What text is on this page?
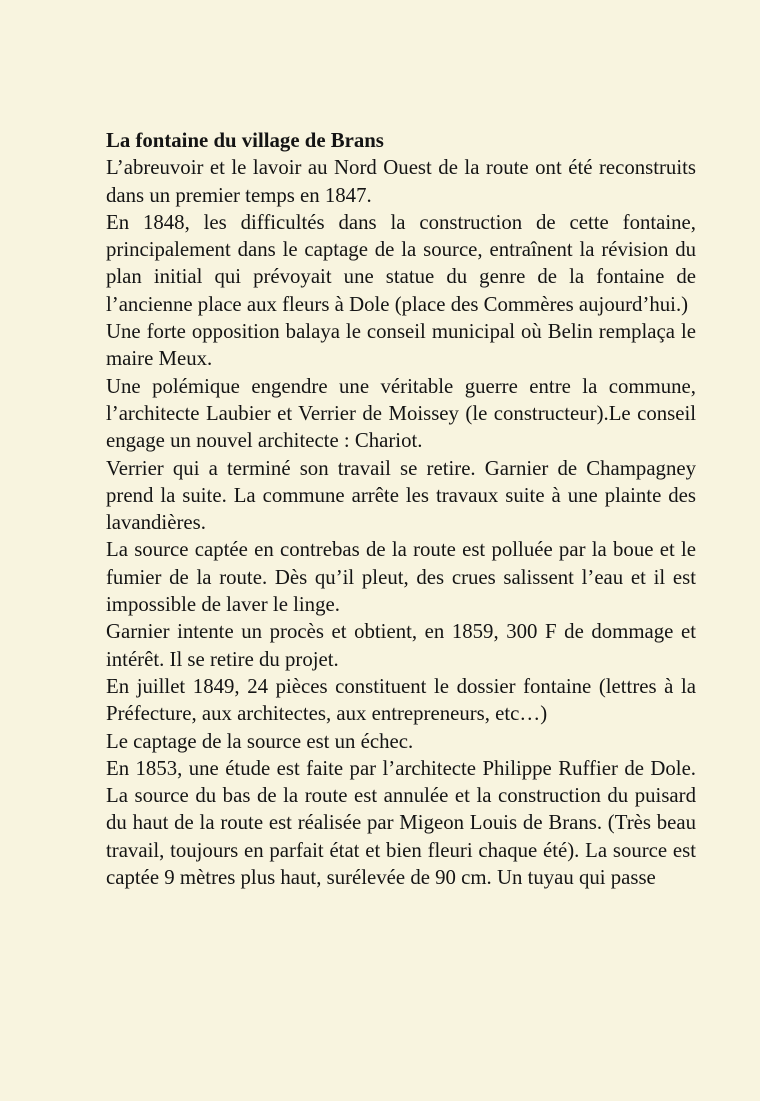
La fontaine du village de Brans

L’abreuvoir et le lavoir au Nord Ouest de la route ont été reconstruits dans un premier temps en 1847.

En 1848, les difficultés dans la construction de cette fontaine, principalement dans le captage de la source, entraînent la révision du plan initial qui prévoyait une statue du genre de la fontaine de l’ancienne place aux fleurs à Dole (place des Commères aujourd’hui.)

Une forte opposition balaya le conseil municipal où Belin remplaça le maire Meux.

Une polémique engendre une véritable guerre entre la commune, l’architecte Laubier et Verrier de Moissey (le constructeur).Le conseil engage un nouvel architecte : Chariot.

Verrier qui a terminé son travail se retire. Garnier de Champagney prend la suite. La commune arrête les travaux suite à une plainte des lavandières.

La source captée en contrebas de la route est polluée par la boue et le fumier de la route. Dès qu’il pleut, des crues salissent l’eau et il est impossible de laver le linge.

Garnier intente un procès et obtient, en 1859, 300 F de dommage et intérêt. Il se retire du projet.

En juillet 1849, 24 pièces constituent le dossier fontaine (lettres à la Préfecture, aux architectes, aux entrepreneurs, etc…)

Le captage de la source est un échec.

En 1853, une étude est faite par l’architecte Philippe Ruffier de Dole. La source du bas de la route est annulée et la construction du puisard du haut de la route est réalisée par Migeon Louis de Brans. (Très beau travail, toujours en parfait état et bien fleuri chaque été). La source est captée 9 mètres plus haut, surélevée de 90 cm. Un tuyau qui passe
